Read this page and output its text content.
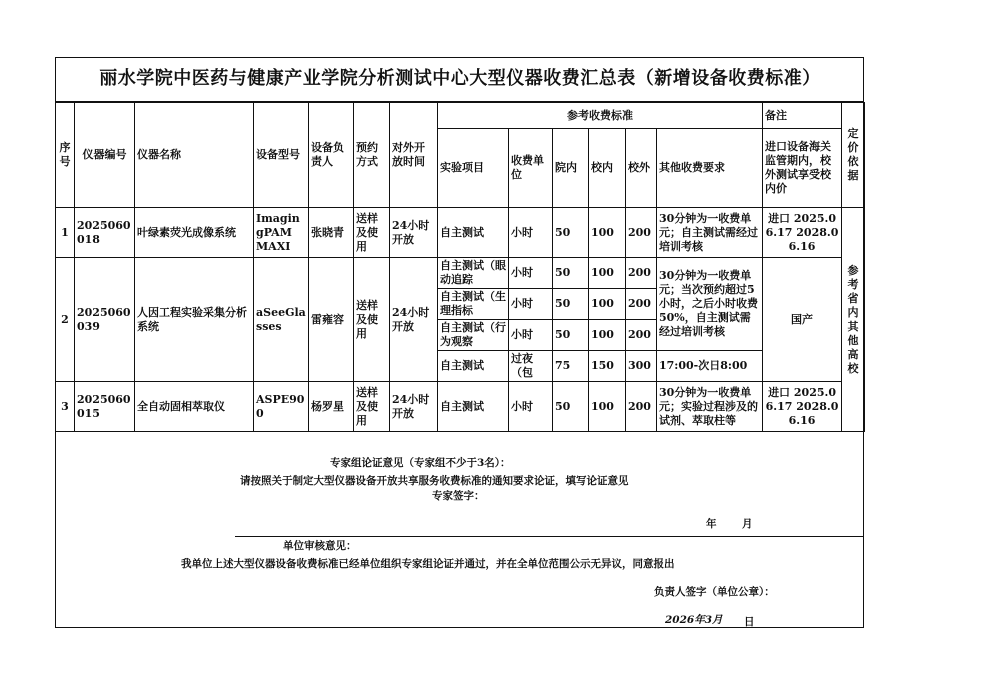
丽水学院中医药与健康产业学院分析测试中心大型仪器收费汇总表（新增设备收费标准）
序号	仪器编号	仪器名称	设备型号	设备负责人	预约方式	对外开放时间	参考收费标准						备注	定价依据
							实验项目	收费单位	院内	校内	校外	其他收费要求	进口设备海关监管期内，校外测试享受校内价	

1	2025060018	叶绿素荧光成像系统	ImagingPAM MAXI	张晓青	送样及使用	24小时开放	自主测试	小时	50	100	200	30分钟为一收费单元；自主测试需经过培训考核	进口 2025.06.17 2028.06.16	参考省内其他高校
2	2025060039	人因工程实验采集分析系统	aSeeGlasses	雷雍容	送样及使用	24小时开放	自主测试（眼动追踪	小时	50	100	200	30分钟为一收费单元；当次预约超过5小时，之后小时收费50%，自主测试需经过培训考核	国产	

							自主测试（生理指标	小时	50	100	200			

							自主测试（行为观察	小时	50	100	200			
							自主测试	过夜（包	75	150	300	17:00-次日8:00		
3	2025060015	全自动固相萃取仪	ASPE900	杨罗星	送样及使用	24小时开放	自主测试	小时	50	100	200	30分钟为一收费单元；实验过程涉及的试剂、萃取柱等	进口 2025.06.17 2028.06.16	
专家组论证意见（专家组不少于3名）：
请按照关于制定大型仪器设备开放共享服务收费标准的通知要求论证，填写论证意见
专家签字：
年 月
单位审核意见：
我单位上述大型仪器设备收费标准已经单位组织专家组论证并通过，并在全单位范围公示无异议，同意报出
负责人签字（单位公章）：
2026年3月 日
